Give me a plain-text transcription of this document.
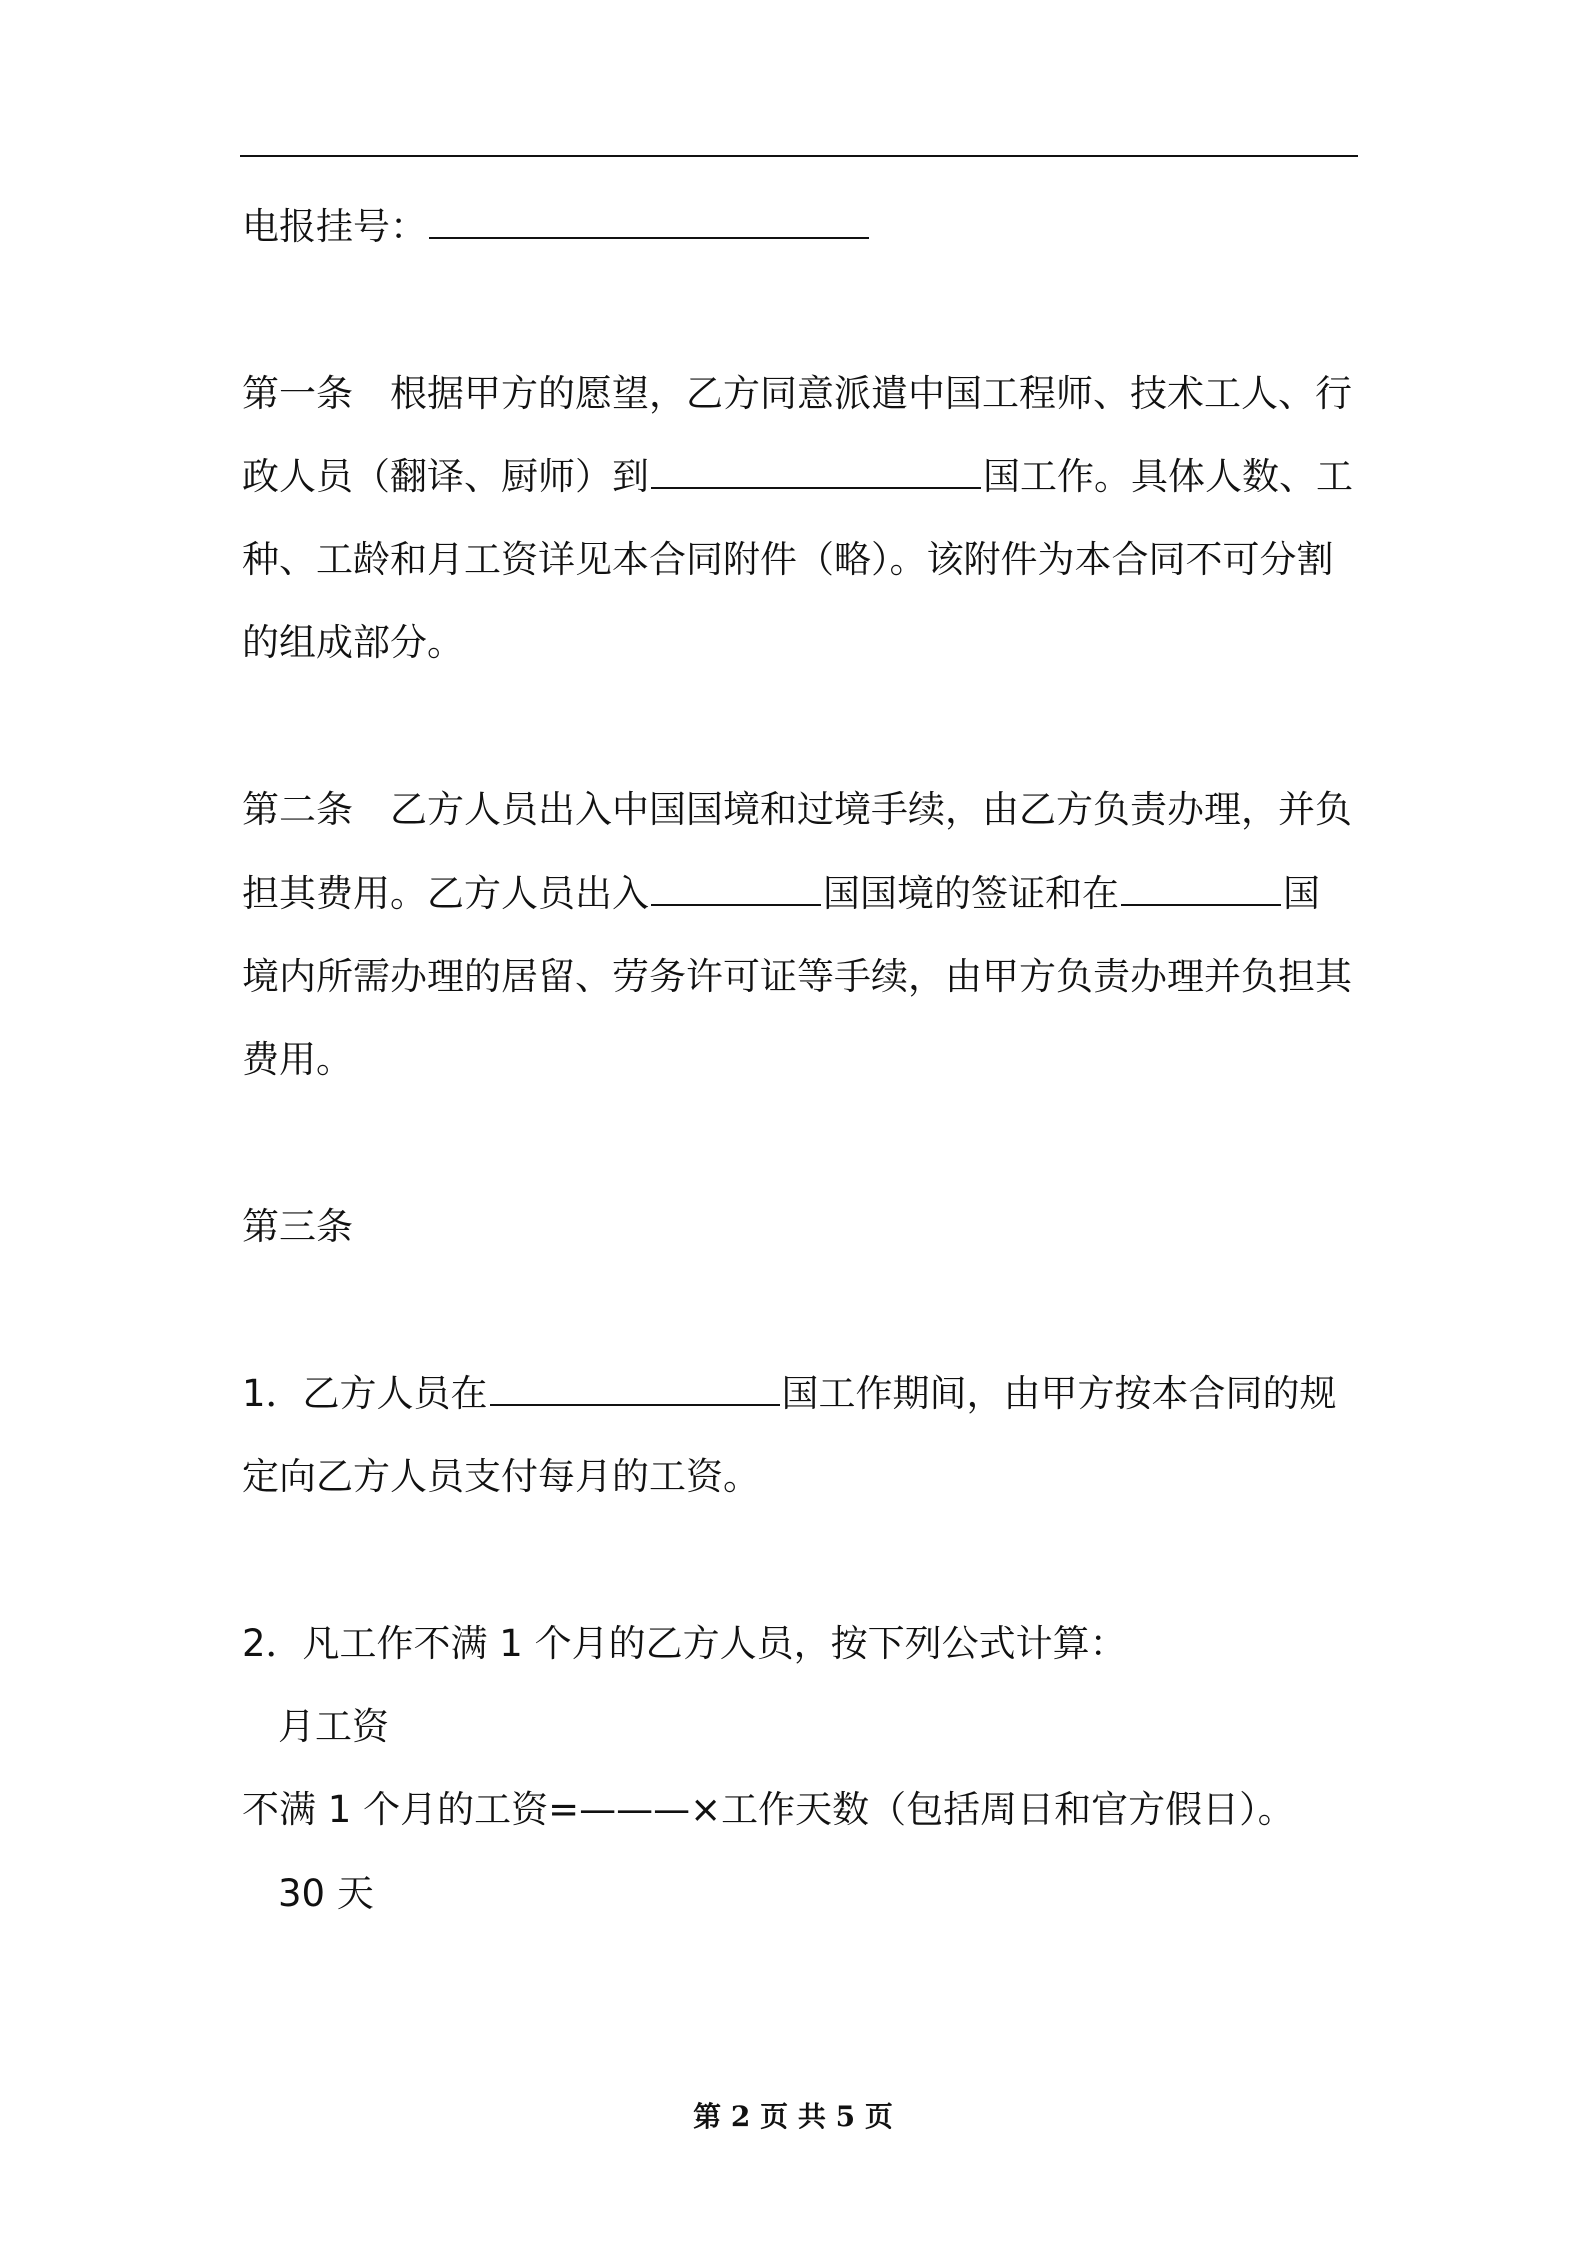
电报挂号：
第一条　根据甲方的愿望，乙方同意派遣中国工程师、技术工人、行
政人员（翻译、厨师）到	国工作。具体人数、工
种、工龄和月工资详见本合同附件（略）。该附件为本合同不可分割
的组成部分。
第二条　乙方人员出入中国国境和过境手续，由乙方负责办理，并负
担其费用。乙方人员出入	国国境的签证和在	国
境内所需办理的居留、劳务许可证等手续，由甲方负责办理并负担其
费用。
第三条
1．乙方人员在	国工作期间，由甲方按本合同的规
定向乙方人员支付每月的工资。
2．凡工作不满 1 个月的乙方人员，按下列公式计算：
月工资
不满 1 个月的工资=———×工作天数（包括周日和官方假日）。
30 天
第 2 页 共 5 页
